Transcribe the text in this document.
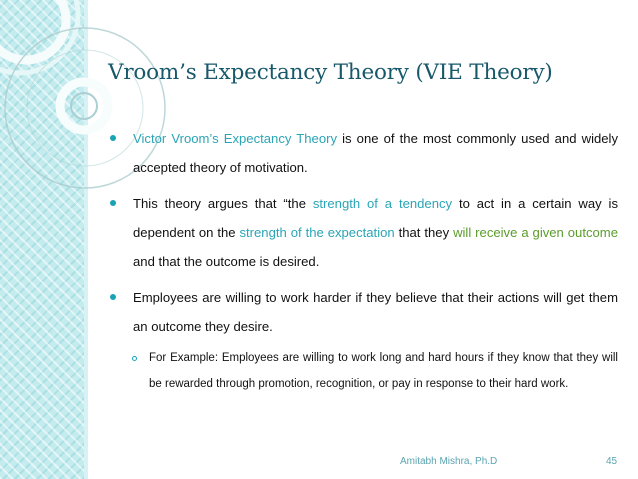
Vroom’s Expectancy Theory (VIE Theory)
Victor Vroom’s Expectancy Theory is one of the most commonly used and widely accepted theory of motivation.
This theory argues that “the strength of a tendency to act in a certain way is dependent on the strength of the expectation that they will receive a given outcome and that the outcome is desired.
Employees are willing to work harder if they believe that their actions will get them an outcome they desire.
For Example: Employees are willing to work long and hard hours if they know that they will be rewarded through promotion, recognition, or pay in response to their hard work.
Amitabh Mishra, Ph.D	45
